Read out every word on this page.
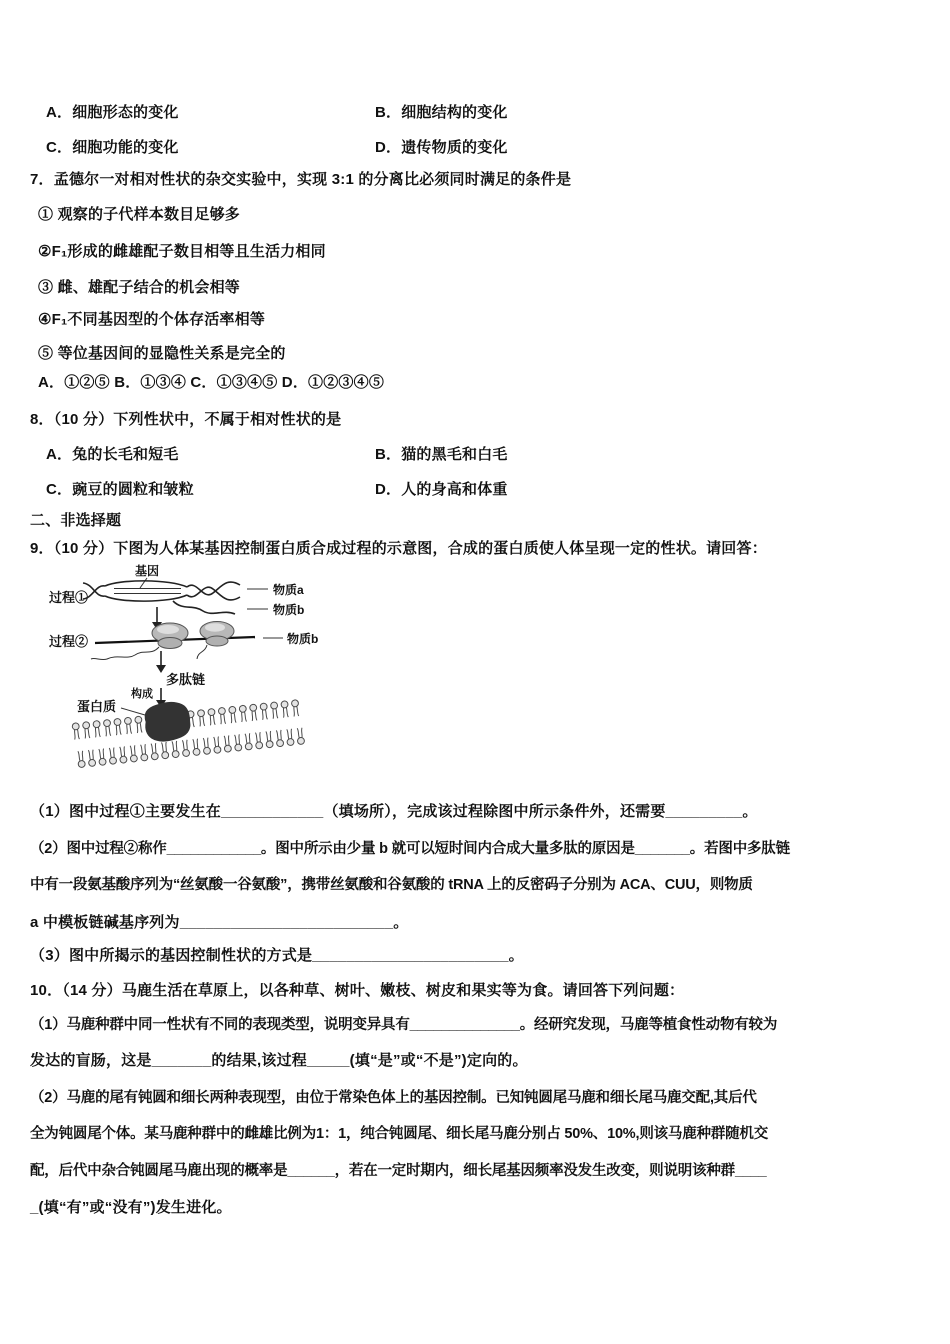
A．细胞形态的变化	B．细胞结构的变化
C．细胞功能的变化	D．遗传物质的变化
7．孟德尔一对相对性状的杂交实验中，实现 3:1 的分离比必须同时满足的条件是
① 观察的子代样本数目足够多
②F₁形成的雌雄配子数目相等且生活力相同
③ 雌、雄配子结合的机会相等
④F₁不同基因型的个体存活率相等
⑤ 等位基因间的显隐性关系是完全的
A．①②⑤ B．①③④ C．①③④⑤ D．①②③④⑤
8．（10 分）下列性状中，不属于相对性状的是
A．兔的长毛和短毛	B．猫的黑毛和白毛
C．豌豆的圆粒和皱粒	D．人的身高和体重
二、非选择题
9．（10 分）下图为人体某基因控制蛋白质合成过程的示意图，合成的蛋白质使人体呈现一定的性状。请回答：
基因
过程①	物质a
物质b
过程②	物质b
多肽链
构成
蛋白质
（1）图中过程①主要发生在____________（填场所），完成该过程除图中所示条件外，还需要_________。
（2）图中过程②称作____________。图中所示由少量 b 就可以短时间内合成大量多肽的原因是_______。若图中多肽链
中有一段氨基酸序列为“丝氨酸一谷氨酸”，携带丝氨酸和谷氨酸的 tRNA 上的反密码子分别为 ACA、CUU，则物质
a 中模板链碱基序列为_________________________。
（3）图中所揭示的基因控制性状的方式是_______________________。
10．（14 分）马鹿生活在草原上，以各种草、树叶、嫩枝、树皮和果实等为食。请回答下列问题：
（1）马鹿种群中同一性状有不同的表现类型，说明变异具有______________。经研究发现，马鹿等植食性动物有较为
发达的盲肠，这是_______的结果,该过程_____(填“是”或“不是”)定向的。
（2）马鹿的尾有钝圆和细长两种表现型，由位于常染色体上的基因控制。已知钝圆尾马鹿和细长尾马鹿交配,其后代
全为钝圆尾个体。某马鹿种群中的雌雄比例为1：1，纯合钝圆尾、细长尾马鹿分别占 50%、10%,则该马鹿种群随机交
配，后代中杂合钝圆尾马鹿出现的概率是______，若在一定时期内，细长尾基因频率没发生改变，则说明该种群____
_(填“有”或“没有”)发生进化。
